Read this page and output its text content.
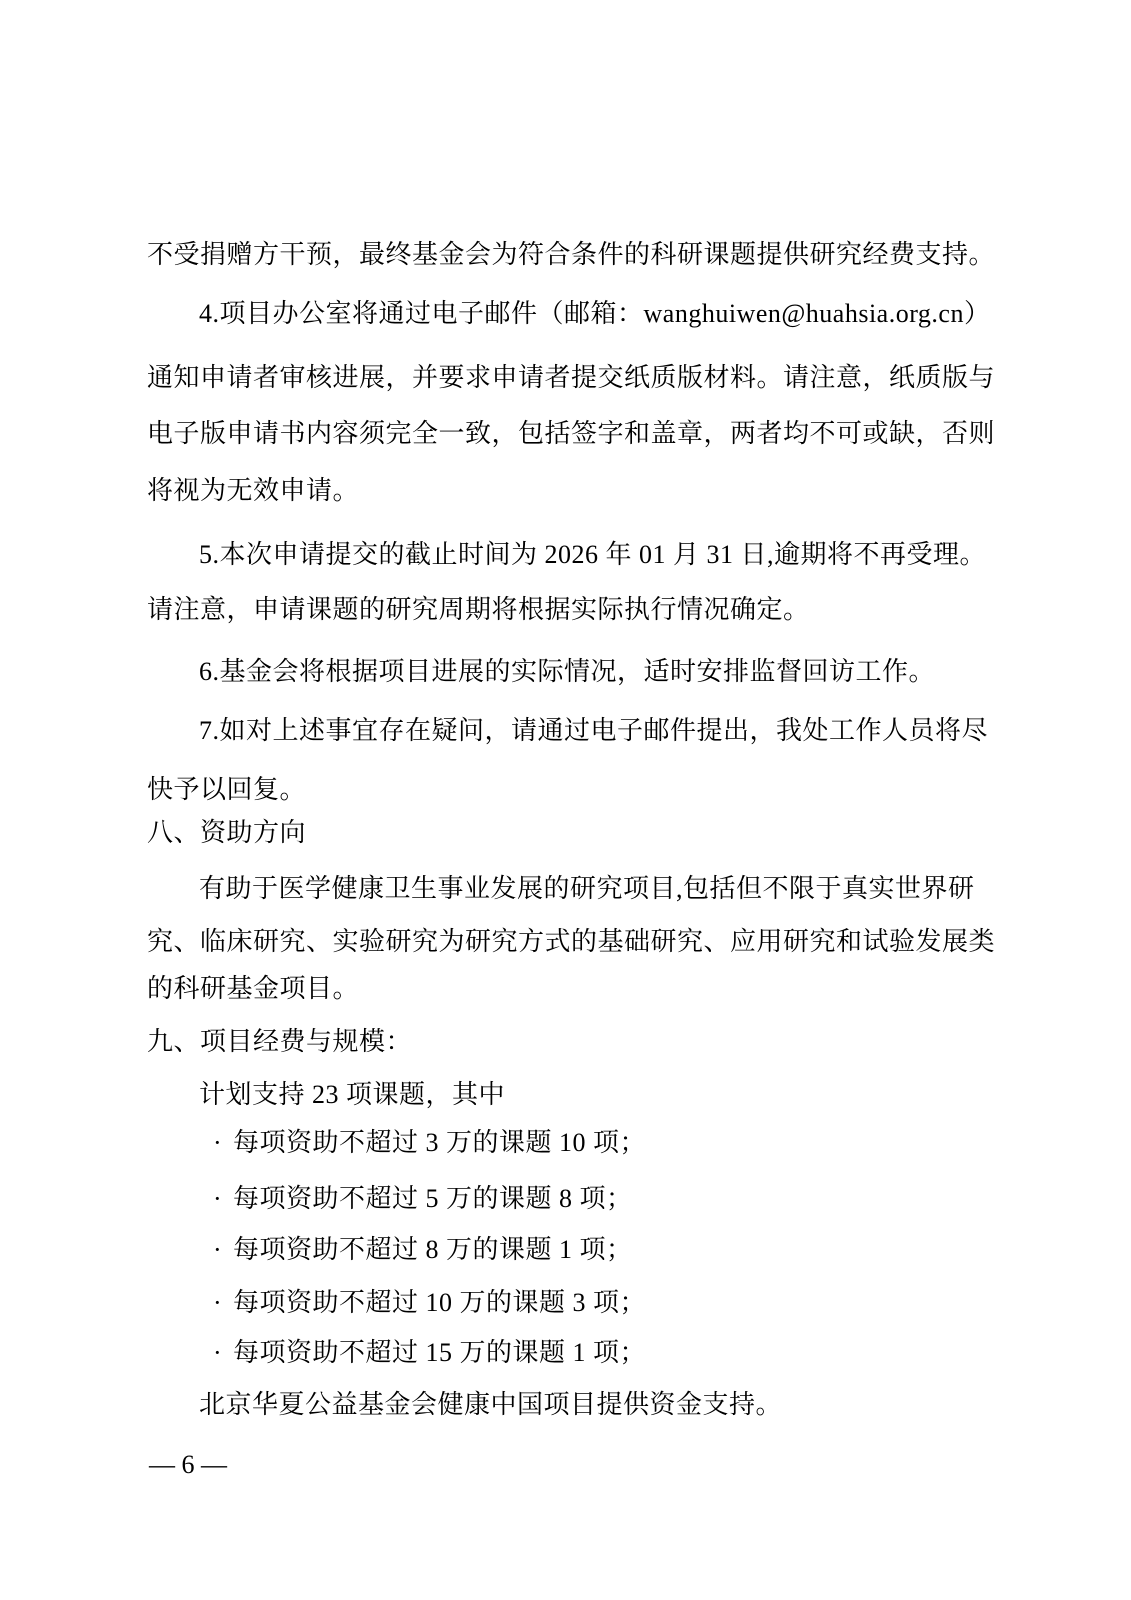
不受捐赠方干预，最终基金会为符合条件的科研课题提供研究经费支持。

4.项目办公室将通过电子邮件（邮箱：wanghuiwen@huahsia.org.cn）

通知申请者审核进展，并要求申请者提交纸质版材料。请注意，纸质版与

电子版申请书内容须完全一致，包括签字和盖章，两者均不可或缺，否则

将视为无效申请。

5.本次申请提交的截止时间为 2026 年 01 月 31 日,逾期将不再受理。

请注意，申请课题的研究周期将根据实际执行情况确定。

6.基金会将根据项目进展的实际情况，适时安排监督回访工作。

7.如对上述事宜存在疑问，请通过电子邮件提出，我处工作人员将尽

快予以回复。

八、资助方向

有助于医学健康卫生事业发展的研究项目,包括但不限于真实世界研

究、临床研究、实验研究为研究方式的基础研究、应用研究和试验发展类

的科研基金项目。

九、项目经费与规模：

计划支持 23 项课题，其中

· 每项资助不超过 3 万的课题 10 项；

· 每项资助不超过 5 万的课题 8 项；

· 每项资助不超过 8 万的课题 1 项；

· 每项资助不超过 10 万的课题 3 项；

· 每项资助不超过 15 万的课题 1 项；

北京华夏公益基金会健康中国项目提供资金支持。

— 6 —
